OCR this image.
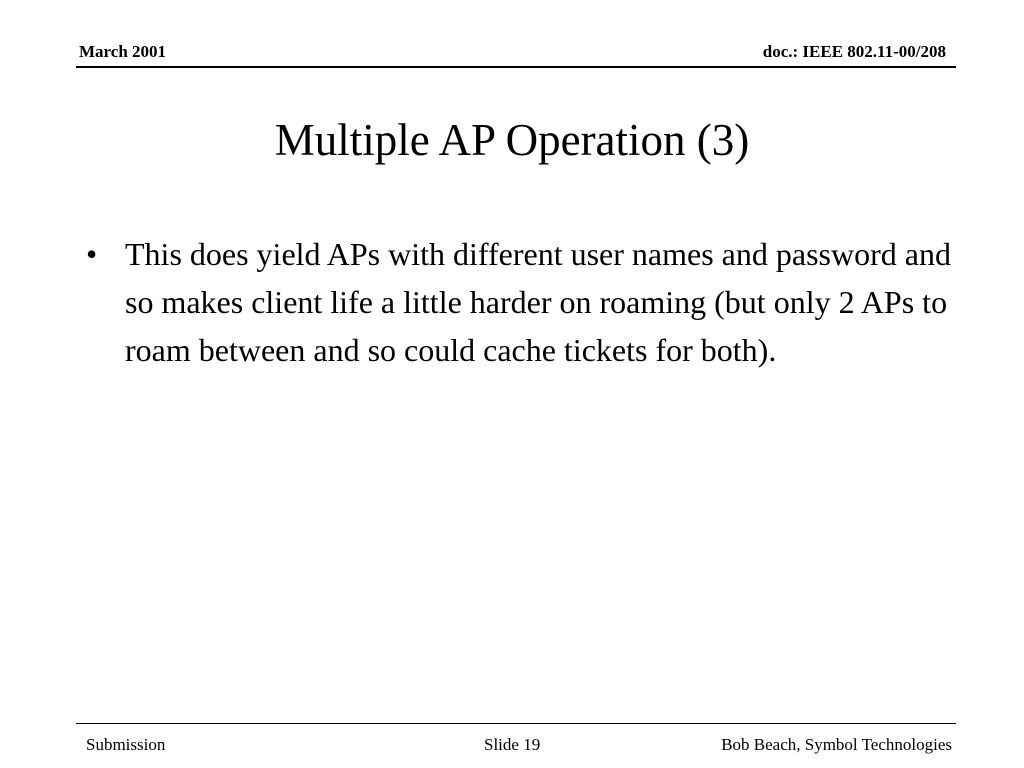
March 2001	doc.: IEEE 802.11-00/208
Multiple AP Operation (3)
• This does yield APs with different user names and password and so makes client life a little harder on roaming (but only 2 APs to roam between and so could cache tickets for both).
Submission	Slide 19	Bob Beach, Symbol Technologies
